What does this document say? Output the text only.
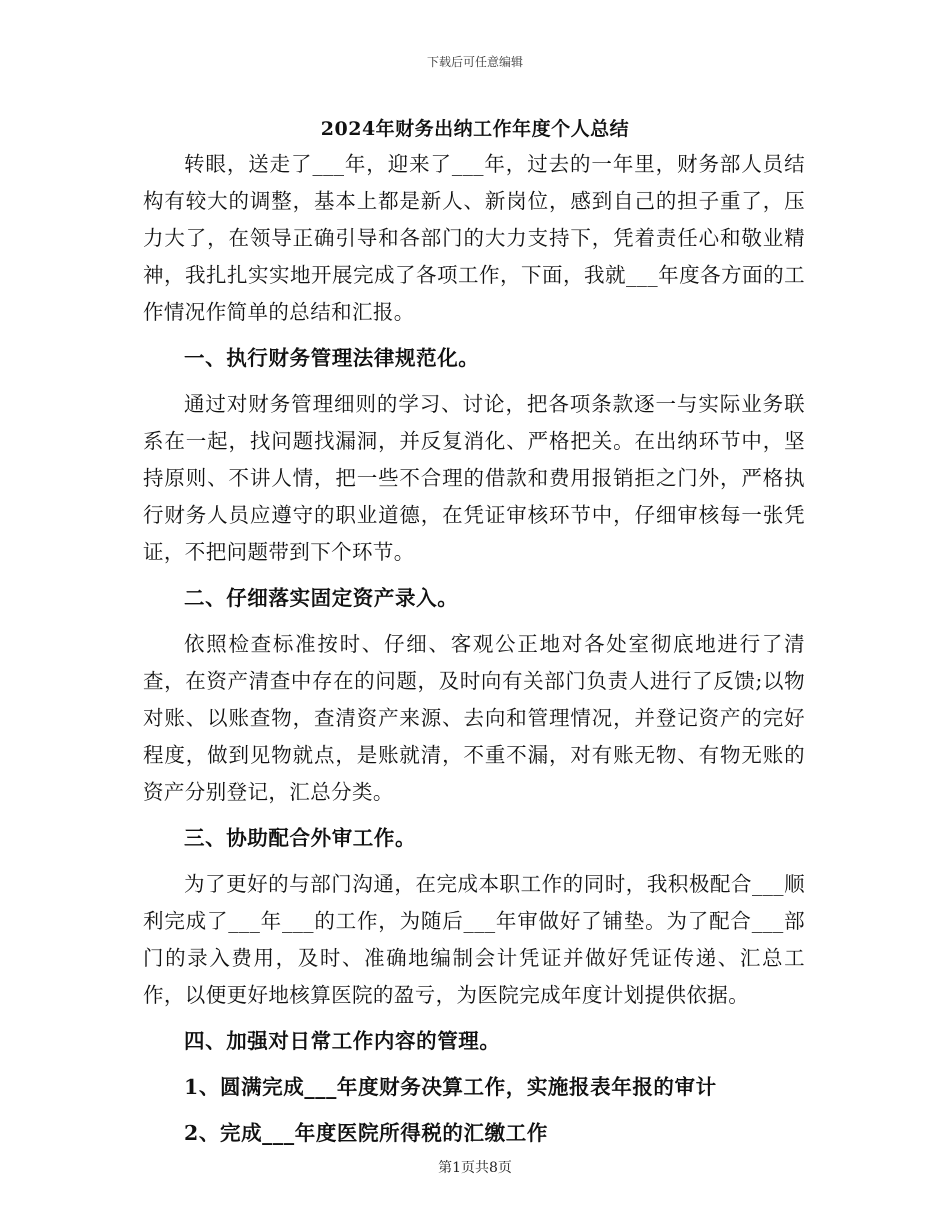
下载后可任意编辑
2024年财务出纳工作年度个人总结

转眼，送走了___年，迎来了___年，过去的一年里，财务部人员结构有较大的调整，基本上都是新人、新岗位，感到自己的担子重了，压力大了，在领导正确引导和各部门的大力支持下，凭着责任心和敬业精神，我扎扎实实地开展完成了各项工作，下面，我就___年度各方面的工作情况作简单的总结和汇报。

一、执行财务管理法律规范化。

通过对财务管理细则的学习、讨论，把各项条款逐一与实际业务联系在一起，找问题找漏洞，并反复消化、严格把关。在出纳环节中，坚持原则、不讲人情，把一些不合理的借款和费用报销拒之门外，严格执行财务人员应遵守的职业道德，在凭证审核环节中，仔细审核每一张凭证，不把问题带到下个环节。

二、仔细落实固定资产录入。

依照检查标准按时、仔细、客观公正地对各处室彻底地进行了清查，在资产清查中存在的问题，及时向有关部门负责人进行了反馈;以物对账、以账查物，查清资产来源、去向和管理情况，并登记资产的完好程度，做到见物就点，是账就清，不重不漏，对有账无物、有物无账的资产分别登记，汇总分类。

三、协助配合外审工作。

为了更好的与部门沟通，在完成本职工作的同时，我积极配合___顺利完成了___年___的工作，为随后___年审做好了铺垫。为了配合___部门的录入费用，及时、准确地编制会计凭证并做好凭证传递、汇总工作，以便更好地核算医院的盈亏，为医院完成年度计划提供依据。

四、加强对日常工作内容的管理。

1、圆满完成___年度财务决算工作，实施报表年报的审计

2、完成___年度医院所得税的汇缴工作

第1页共8页
